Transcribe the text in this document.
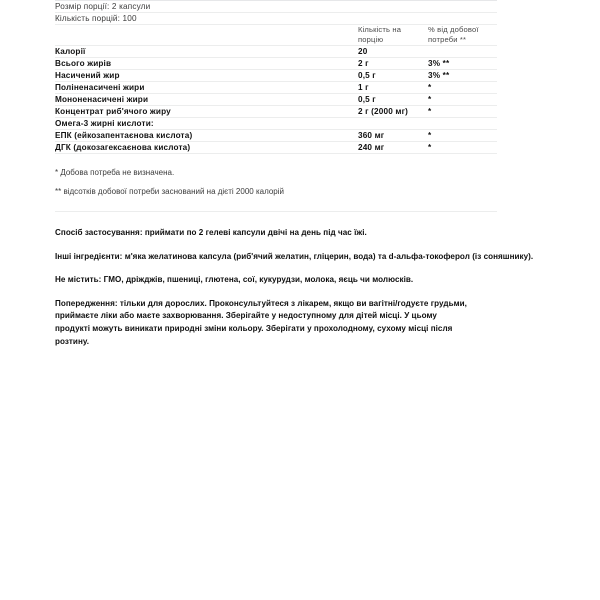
Розмір порції: 2 капсули		
Кількість порцій: 100		
	Кількість на порцію	% від добової потреби **
Калорії	20	
Всього жирів	2 г	3% **
Насичений жир	0,5 г	3% **
Поліненасичені жири	1 г	*
Мононенасичені жири	0,5 г	*
Концентрат риб'ячого жиру	2 г (2000 мг)	*
Омега-3 жирні кислоти:		
ЕПК (ейкозапентаєнова кислота)	360 мг	*
ДГК (докозагексаєнова кислота)	240 мг	*

* Добова потреба не визначена.

** відсотків добової потреби заснований на дієті 2000 калорій

Спосіб застосування: приймати по 2 гелеві капсули двічі на день під час їжі.

Інші інгредієнти: м'яка желатинова капсула (риб'ячий желатин, гліцерин, вода) та d-альфа-токоферол (із соняшнику).

Не містить: ГМО, дріжджів, пшениці, глютена, сої, кукурудзи, молока, яєць чи молюсків.

Попередження: тільки для дорослих. Проконсультуйтеся з лікарем, якщо ви вагітні/годуєте грудьми, приймаєте ліки або маєте захворювання. Зберігайте у недоступному для дітей місці. У цьому продукті можуть виникати природні зміни кольору. Зберігати у прохолодному, сухому місці після розтину.
